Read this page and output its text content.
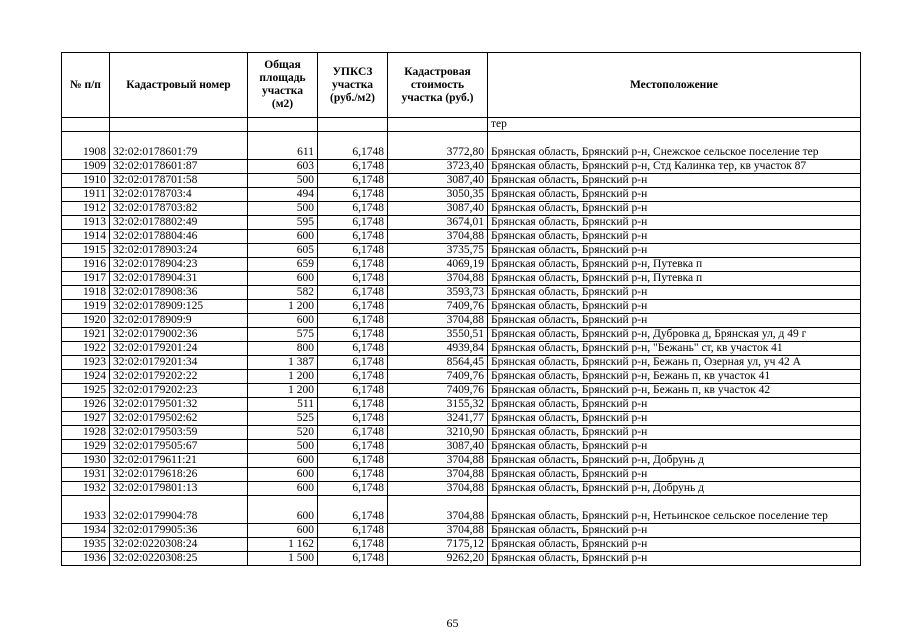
№ п/п	Кадастровый номер	Общая площадь участка (м2)	УПКСЗ участка (руб./м2)	Кадастровая стоимость участка (руб.)	Местоположение
					тер
1908	32:02:0178601:79	611	6,1748	3772,80	Брянская область, Брянский р-н, Снежское сельское поселение тер
1909	32:02:0178601:87	603	6,1748	3723,40	Брянская область, Брянский р-н, Стд Калинка тер, кв участок 87
1910	32:02:0178701:58	500	6,1748	3087,40	Брянская область, Брянский р-н
1911	32:02:0178703:4	494	6,1748	3050,35	Брянская область, Брянский р-н
1912	32:02:0178703:82	500	6,1748	3087,40	Брянская область, Брянский р-н
1913	32:02:0178802:49	595	6,1748	3674,01	Брянская область, Брянский р-н
1914	32:02:0178804:46	600	6,1748	3704,88	Брянская область, Брянский р-н
1915	32:02:0178903:24	605	6,1748	3735,75	Брянская область, Брянский р-н
1916	32:02:0178904:23	659	6,1748	4069,19	Брянская область, Брянский р-н, Путевка п
1917	32:02:0178904:31	600	6,1748	3704,88	Брянская область, Брянский р-н, Путевка п
1918	32:02:0178908:36	582	6,1748	3593,73	Брянская область, Брянский р-н
1919	32:02:0178909:125	1 200	6,1748	7409,76	Брянская область, Брянский р-н
1920	32:02:0178909:9	600	6,1748	3704,88	Брянская область, Брянский р-н
1921	32:02:0179002:36	575	6,1748	3550,51	Брянская область, Брянский р-н, Дубровка д, Брянская ул, д 49 г
1922	32:02:0179201:24	800	6,1748	4939,84	Брянская область, Брянский р-н, "Бежань" ст, кв участок 41
1923	32:02:0179201:34	1 387	6,1748	8564,45	Брянская область, Брянский р-н, Бежань п, Озерная ул, уч 42 А
1924	32:02:0179202:22	1 200	6,1748	7409,76	Брянская область, Брянский р-н, Бежань п, кв участок 41
1925	32:02:0179202:23	1 200	6,1748	7409,76	Брянская область, Брянский р-н, Бежань п, кв участок 42
1926	32:02:0179501:32	511	6,1748	3155,32	Брянская область, Брянский р-н
1927	32:02:0179502:62	525	6,1748	3241,77	Брянская область, Брянский р-н
1928	32:02:0179503:59	520	6,1748	3210,90	Брянская область, Брянский р-н
1929	32:02:0179505:67	500	6,1748	3087,40	Брянская область, Брянский р-н
1930	32:02:0179611:21	600	6,1748	3704,88	Брянская область, Брянский р-н, Добрунь д
1931	32:02:0179618:26	600	6,1748	3704,88	Брянская область, Брянский р-н
1932	32:02:0179801:13	600	6,1748	3704,88	Брянская область, Брянский р-н, Добрунь д
1933	32:02:0179904:78	600	6,1748	3704,88	Брянская область, Брянский р-н, Нетьинское сельское поселение тер
1934	32:02:0179905:36	600	6,1748	3704,88	Брянская область, Брянский р-н
1935	32:02:0220308:24	1 162	6,1748	7175,12	Брянская область, Брянский р-н
1936	32:02:0220308:25	1 500	6,1748	9262,20	Брянская область, Брянский р-н
65
